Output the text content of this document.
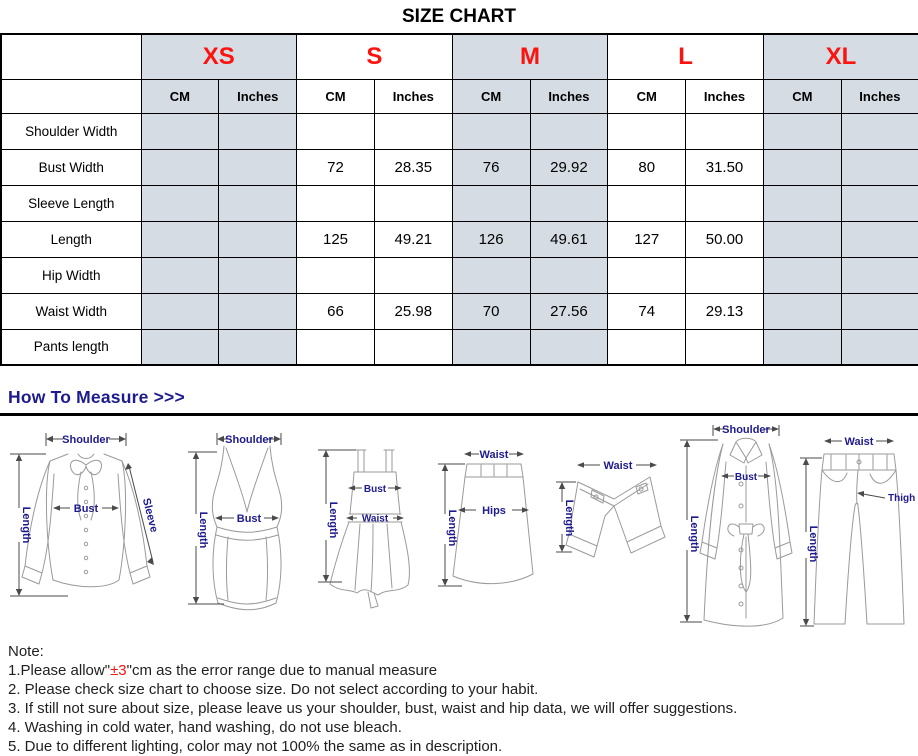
SIZE CHART
	XS		S		M		L		XL	
	CM	Inches	CM	Inches	CM	Inches	CM	Inches	CM	Inches
Shoulder Width										
Bust Width			72	28.35	76	29.92	80	31.50		
Sleeve Length										
Length			125	49.21	126	49.61	127	50.00		
Hip Width										
Waist Width			66	25.98	70	27.56	74	29.13		
Pants length										
How To Measure >>>
Shoulder
Length	Bust	Sleeve
Shoulder
Length	Bust	Length
Bust
Waist
Waist
Length Hips
Waist
Length
Shoulder
Length
Bust
Waist
Length
Thigh
Note:
1.Please allow"±3"cm as the error range due to manual measure
2. Please check size chart to choose size. Do not select according to your habit.
3. If still not sure about size, please leave us your shoulder, bust, waist and hip data, we will offer suggestions.
4. Washing in cold water, hand washing, do not use bleach.
5. Due to different lighting, color may not 100% the same as in description.
